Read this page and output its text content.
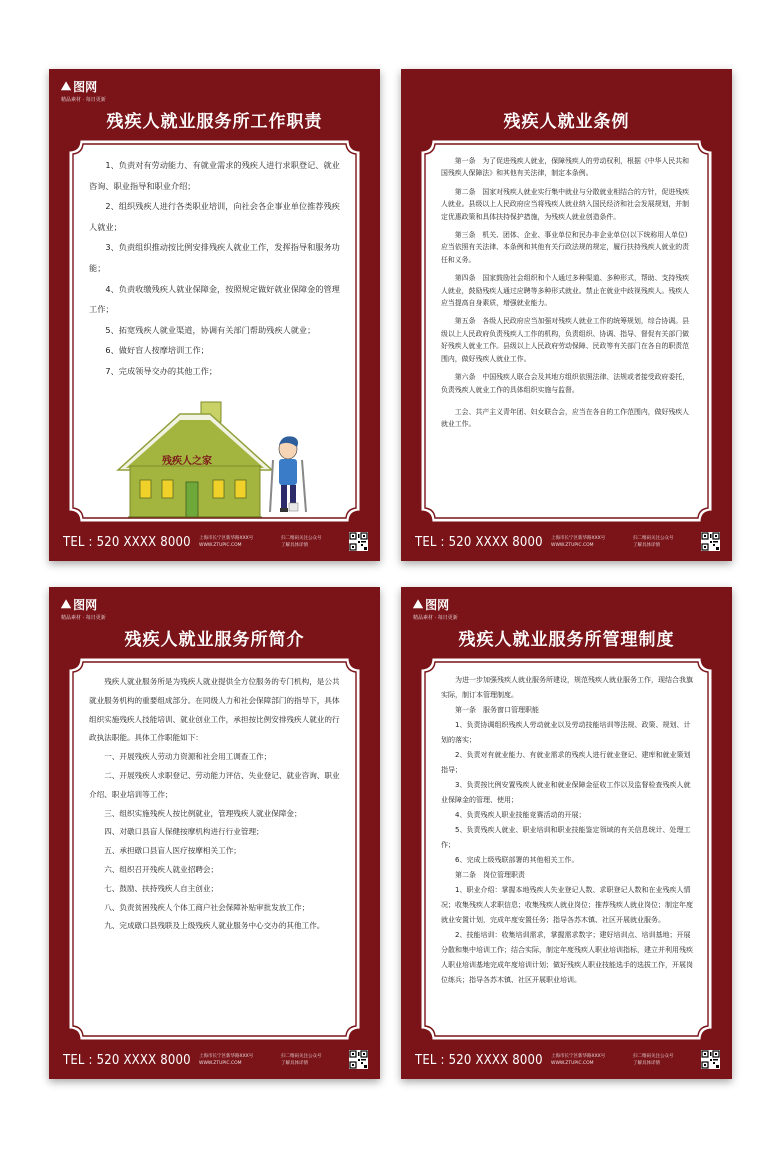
⛰ 图网
精品素材 · 每日更新
残疾人就业服务所工作职责

1、负责对有劳动能力、有就业需求的残疾人进行求职登记、就业咨询、职业指导和职业介绍；

2、组织残疾人进行各类职业培训，向社会各企事业单位推荐残疾人就业；

3、负责组织推动按比例安排残疾人就业工作，发挥指导和服务功能；

4、负责收缴残疾人就业保障金，按照规定做好就业保障金的管理工作；

5、拓宽残疾人就业渠道，协调有关部门帮助残疾人就业；

6、做好盲人按摩培训工作；

7、完成领导交办的其他工作；

TEL : 520 XXXX 8000 上海市长宁区新华路XXX号
WWW.ZTUPIC.COM
扫二维码关注公众号
了解具体详情
残疾人之家
残疾人就业条例

第一条　为了促进残疾人就业，保障残疾人的劳动权利，根据《中华人民共和国残疾人保障法》和其他有关法律，制定本条例。

第二条　国家对残疾人就业实行集中就业与分散就业相结合的方针，促进残疾人就业。县级以上人民政府应当将残疾人就业纳入国民经济和社会发展规划，并制定优惠政策和具体扶持保护措施，为残疾人就业创造条件。

第三条　机关、团体、企业、事业单位和民办非企业单位(以下统称用人单位)应当依照有关法律、本条例和其他有关行政法规的规定，履行扶持残疾人就业的责任和义务。

第四条　国家鼓励社会组织和个人通过多种渠道、多种形式，帮助、支持残疾人就业，鼓励残疾人通过应聘等多种形式就业。禁止在就业中歧视残疾人。残疾人应当提高自身素质，增强就业能力。

第五条　各级人民政府应当加强对残疾人就业工作的统筹规划，综合协调。县级以上人民政府负责残疾人工作的机构，负责组织、协调、指导、督促有关部门做好残疾人就业工作。县级以上人民政府劳动保障、民政等有关部门在各自的职责范围内，做好残疾人就业工作。

第六条　中国残疾人联合会及其地方组织依照法律、法规或者接受政府委托，负责残疾人就业工作的具体组织实施与监督。

工会、共产主义青年团、妇女联合会，应当在各自的工作范围内，做好残疾人就业工作。

TEL : 520 XXXX 8000 上海市长宁区新华路XXX号
WWW.ZTUPIC.COM
扫二维码关注公众号
了解具体详情
⛰ 图网
精品素材 · 每日更新
残疾人就业服务所简介

残疾人就业服务所是为残疾人就业提供全方位服务的专门机构，是公共就业服务机构的重要组成部分。在同级人力和社会保障部门的指导下，具体组织实施残疾人技能培训、就业创业工作，承担按比例安排残疾人就业的行政执法职能。具体工作职能如下：

一、开展残疾人劳动力资源和社会用工调查工作；

二、开展残疾人求职登记、劳动能力评估、失业登记、就业咨询、职业介绍、职业培训等工作；

三、组织实施残疾人按比例就业，管理残疾人就业保障金；

四、对礅口县盲人保健按摩机构进行行业管理；

五、承担礅口县盲人医疗按摩相关工作；

六、组织召开残疾人就业招聘会；

七、鼓励、扶持残疾人自主创业；

八、负责贫困残疾人个体工商户社会保障补贴审批发放工作；

九、完成礅口县残联及上级残疾人就业服务中心交办的其他工作。

TEL : 520 XXXX 8000 上海市长宁区新华路XXX号
WWW.ZTUPIC.COM
扫二维码关注公众号
了解具体详情
⛰ 图网
精品素材 · 每日更新
残疾人就业服务所管理制度

为进一步加强残疾人就业服务所建设，规范残疾人就业服务工作，现结合我旗实际，制订本管理制度。

第一条　服务窗口管理职能

1、负责协调组织残疾人劳动就业以及劳动技能培训等法规、政策、规划、计划的落实；

2、负责对有就业能力、有就业需求的残疾人进行就业登记、建库和就业策划指导；

3、负责按比例安置残疾人就业和就业保障金征收工作以及监督检查残疾人就业保障金的管理、使用；

4、负责残疾人职业技能竞赛活动的开展；

5、负责残疾人就业、职业培训和职业技能鉴定领域的有关信息统计、处理工作；

6、完成上级残联部署的其他相关工作。

第二条　岗位管理职责

1、职业介绍：掌握本地残疾人失业登记人数、求职登记人数和在业残疾人情况；收集残疾人求职信息；收集残疾人就业岗位；推荐残疾人就业岗位；制定年度就业安置计划，完成年度安置任务；指导各苏木镇、社区开展就业服务。

2、技能培训：收集培训需求，掌握需求数字；建好培训点、培训基地；开展分散和集中培训工作；结合实际，制定年度残疾人职业培训指标，建立并利用残疾人职业培训基地完成年度培训计划；做好残疾人职业技能选手的选拔工作，开展岗位练兵；指导各苏木镇、社区开展职业培训。

TEL : 520 XXXX 8000 上海市长宁区新华路XXX号
WWW.ZTUPIC.COM
扫二维码关注公众号
了解具体详情
